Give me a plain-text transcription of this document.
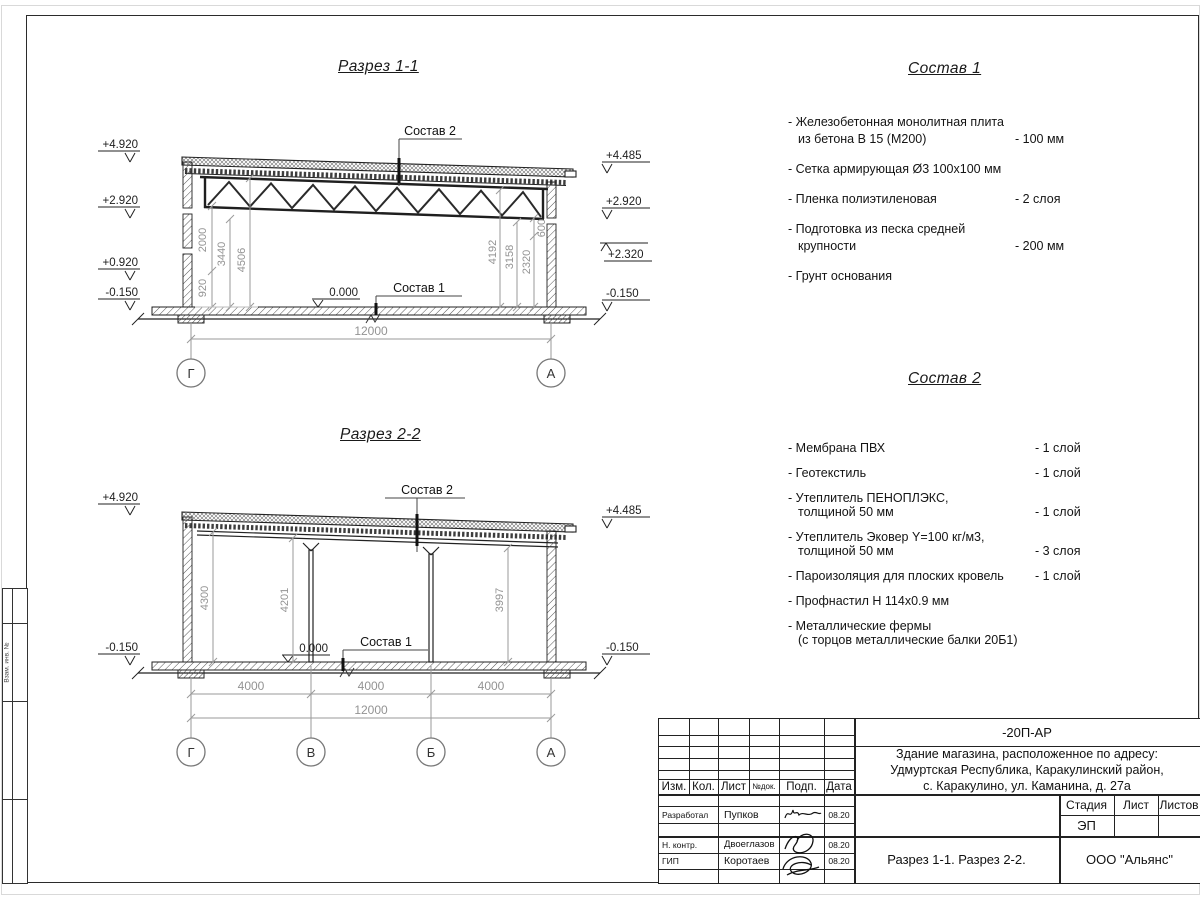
Состав 2
Состав 1
0.000
920
2000
3440 4506	4192 3158 2320
600
12000
Г	А
+4.920
+2.920
+0.920
-0.150
+4.485
+2.920
+2.320
-0.150
Состав 2
Состав 1
0.000
4300	4201	3997
4000	4000	4000
12000
Г	В	Б	А
+4.920
-0.150
+4.485
-0.150
Разрез 1-1
Разрез 2-2
Состав 1
Состав 2
- Железобетонная монолитная плита
из бетона В 15 (М200)	- 100 мм
- Сетка армирующая Ø3 100х100 мм
- Пленка полиэтиленовая	- 2 слоя
- Подготовка из песка средней
крупности	- 200 мм
- Грунт основания
- Мембрана ПВХ	- 1 слой
- Геотекстиль	- 1 слой
- Утеплитель ПЕНОПЛЭКС,
толщиной 50 мм	- 1 слой
- Утеплитель Эковер Y=100 кг/м3,
толщиной 50 мм	- 3 слоя
- Пароизоляция для плоских кровель	- 1 слой
- Профнастил Н 114х0.9 мм
- Металлические фермы
(с торцов металлические балки 20Б1)
Изм. Кол. Лист №док. Подп. Дата
Разработал	Пупков	08.20
Н. контр.	Двоеглазов	08.20
ГИП	Коротаев	08.20
-20П-АР
Здание магазина, расположенное по адресу:
Удмуртская Республика, Каракулинский район,
с. Каракулино, ул. Каманина, д. 27а
Стадия	Лист Листов
ЭП
Разрез 1-1. Разрез 2-2.	ООО "Альянс"
Взам. инв. №
